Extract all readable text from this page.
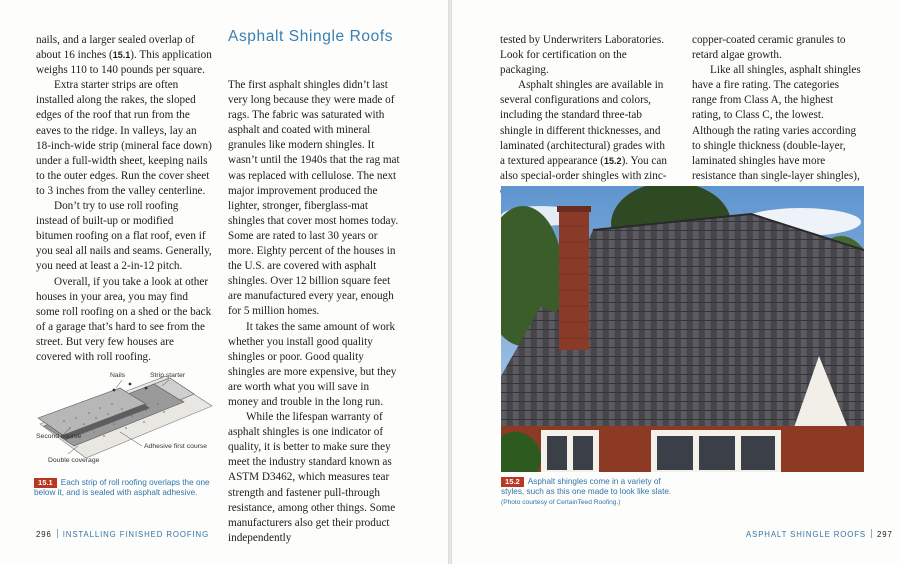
nails, and a larger sealed overlap of about 16 inches (15.1). This application weighs 110 to 140 pounds per square.

Extra starter strips are often installed along the rakes, the sloped edges of the roof that run from the eaves to the ridge. In valleys, lay an 18-inch-wide strip (mineral face down) under a full-width sheet, keeping nails to the outer edges. Run the cover sheet to 3 inches from the valley centerline.

Don’t try to use roll roofing instead of built-up or modified bitumen roofing on a flat roof, even if you seal all nails and seams. Generally, you need at least a 2-in-12 pitch.

Overall, if you take a look at other houses in your area, you may find some roll roofing on a shed or the back of a garage that’s hard to see from the street. But very few houses are covered with roll roofing.

Asphalt Shingle Roofs

The first asphalt shingles didn’t last very long because they were made of rags. The fabric was saturated with asphalt and coated with mineral granules like modern shingles. It wasn’t until the 1940s that the rag mat was replaced with cellulose. The next major improvement produced the lighter, stronger, fiberglass-mat shingles that cover most homes today. Some are rated to last 30 years or more. Eighty percent of the houses in the U.S. are covered with asphalt shingles. Over 12 billion square feet are manufactured every year, enough for 5 million homes.

It takes the same amount of work whether you install good quality shingles or poor. Good quality shingles are more expensive, but they are worth what you will save in money and trouble in the long run.

While the lifespan warranty of asphalt shingles is one indicator of quality, it is better to make sure they meet the industry standard known as ASTM D3462, which measures tear strength and fastener pull-through resistance, among other things. Some manufacturers also get their product independently

Nails	Strip starter
Second course
Adhesive first course
Double coverage
15.1 Each strip of roll roofing overlaps the one below it, and is sealed with asphalt adhesive.
296 INSTALLING FINISHED ROOFING

tested by Underwriters Laboratories. Look for certification on the packaging.

Asphalt shingles are available in several configurations and colors, including the standard three-tab shingle in different thicknesses, and laminated (architectural) grades with a textured appearance (15.2). You can also special-order shingles with zinc-

copper-coated ceramic granules to retard algae growth.

Like all shingles, asphalt shingles have a fire rating. The categories range from Class A, the highest rating, to Class C, the lowest. Although the rating varies according to shingle thickness (double-layer, laminated shingles have more resistance than single-layer shingles),

15.2 Asphalt shingles come in a variety of styles, such as this one made to look like slate.
(Photo courtesy of CertainTeed Roofing.)
ASPHALT SHINGLE ROOFS 297
